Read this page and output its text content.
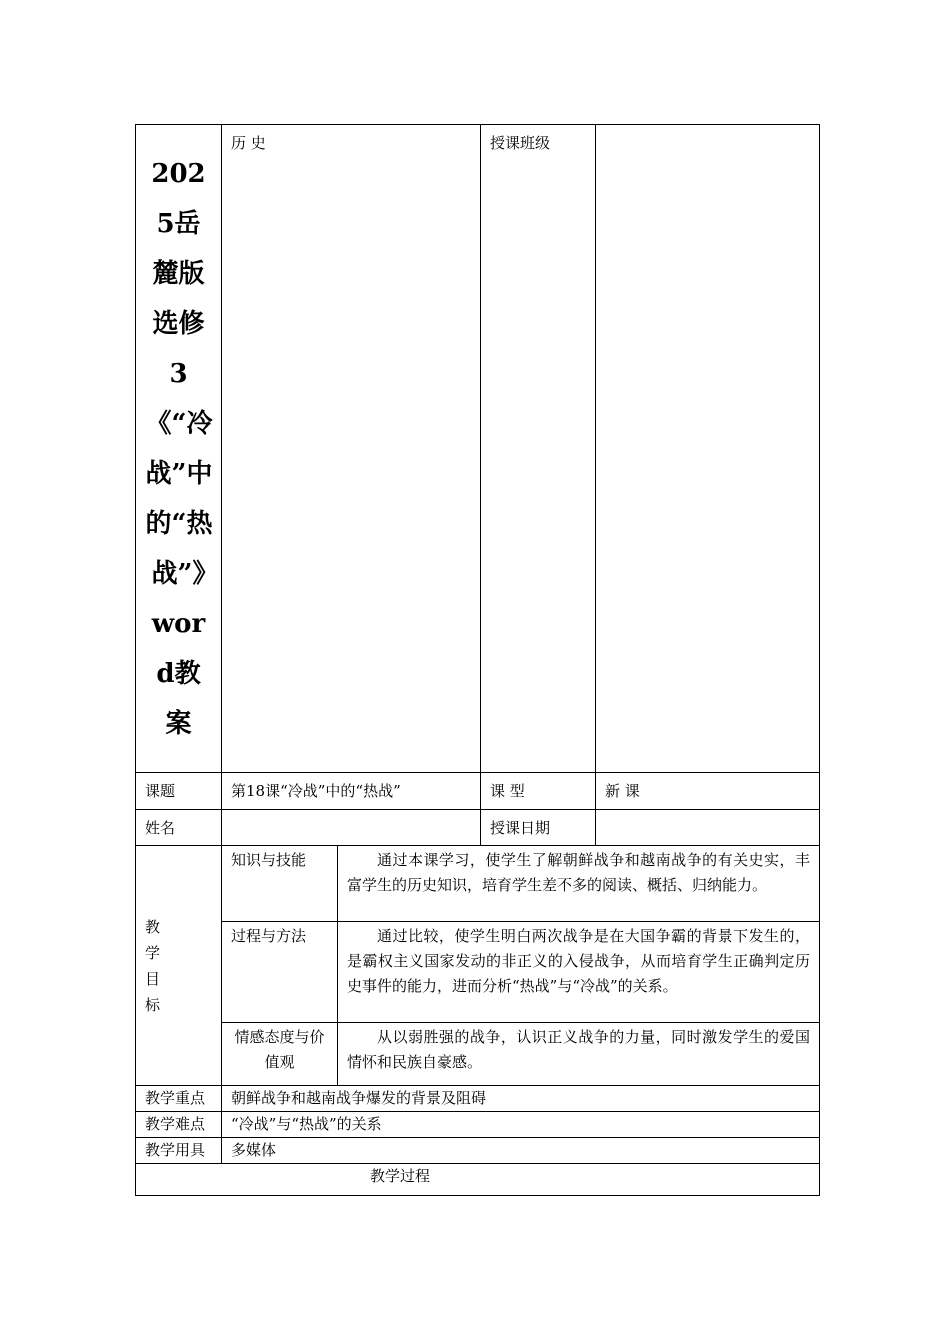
2025岳麓版选修3《“冷战”中的“热战”》word教案	历 史		授课班级	
课题	第18课“冷战”中的“热战”		课 型	新 课
姓名			授课日期	

教
学
目
标	知识与技能	通过本课学习，使学生了解朝鲜战争和越南战争的有关史实，丰富学生的历史知识，培育学生差不多的阅读、概括、归纳能力。		
	过程与方法	通过比较，使学生明白两次战争是在大国争霸的背景下发生的，是霸权主义国家发动的非正义的入侵战争，从而培育学生正确判定历史事件的能力，进而分析“热战”与“冷战”的关系。		
	情感态度与价值观	从以弱胜强的战争，认识正义战争的力量，同时激发学生的爱国情怀和民族自豪感。		
教学重点	朝鲜战争和越南战争爆发的背景及阻碍			
教学难点	“冷战”与“热战”的关系			
教学用具	多媒体			
教学过程				
